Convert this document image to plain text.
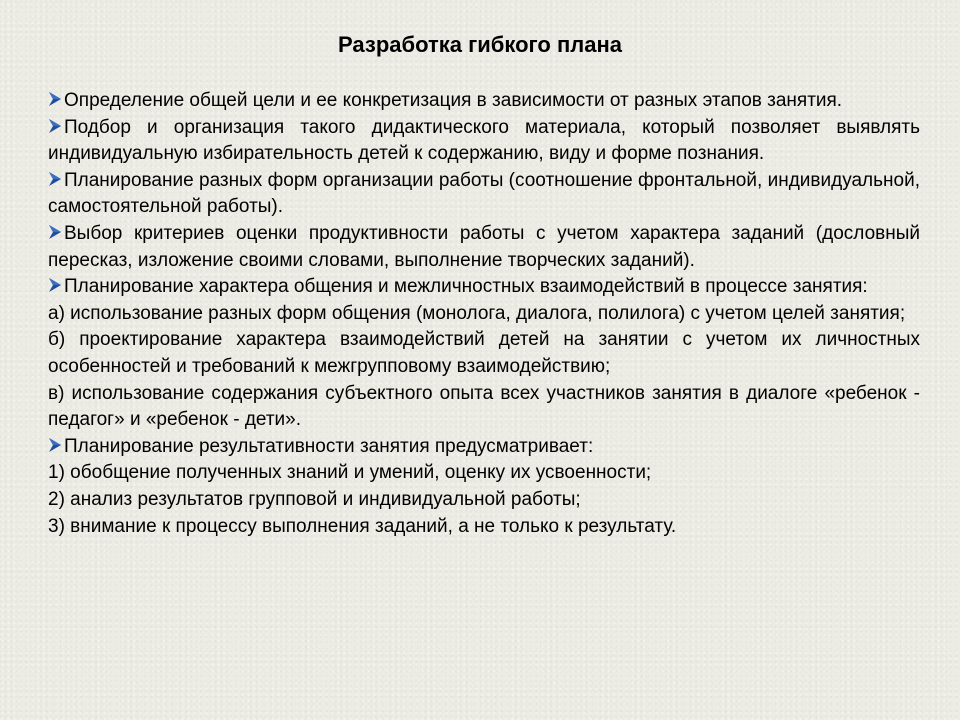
Разработка гибкого плана

Определение общей цели и ее конкретизация в зависимости от разных этапов занятия.

Подбор и организация такого дидактического материала, который позволяет выявлять индивидуальную избирательность детей к содержанию, виду и форме познания.

Планирование разных форм организации работы (соотношение фронтальной, индивидуальной, самостоятельной работы).

Выбор критериев оценки продуктивности работы с учетом характера заданий (дословный пересказ, изложение своими словами, выполнение творческих заданий).

Планирование характера общения и межличностных взаимодействий в процессе занятия:

а) использование разных форм общения (монолога, диалога, полилога) с учетом целей занятия;

б) проектирование характера взаимодействий детей на занятии с учетом их личностных особенностей и требований к межгрупповому взаимодействию;

в) использование содержания субъектного опыта всех участников занятия в диалоге «ребенок - педагог» и «ребенок - дети».

Планирование результативности занятия предусматривает:

1) обобщение полученных знаний и умений, оценку их усвоенности;

2) анализ результатов групповой и индивидуальной работы;

3) внимание к процессу выполнения заданий, а не только к результату.
